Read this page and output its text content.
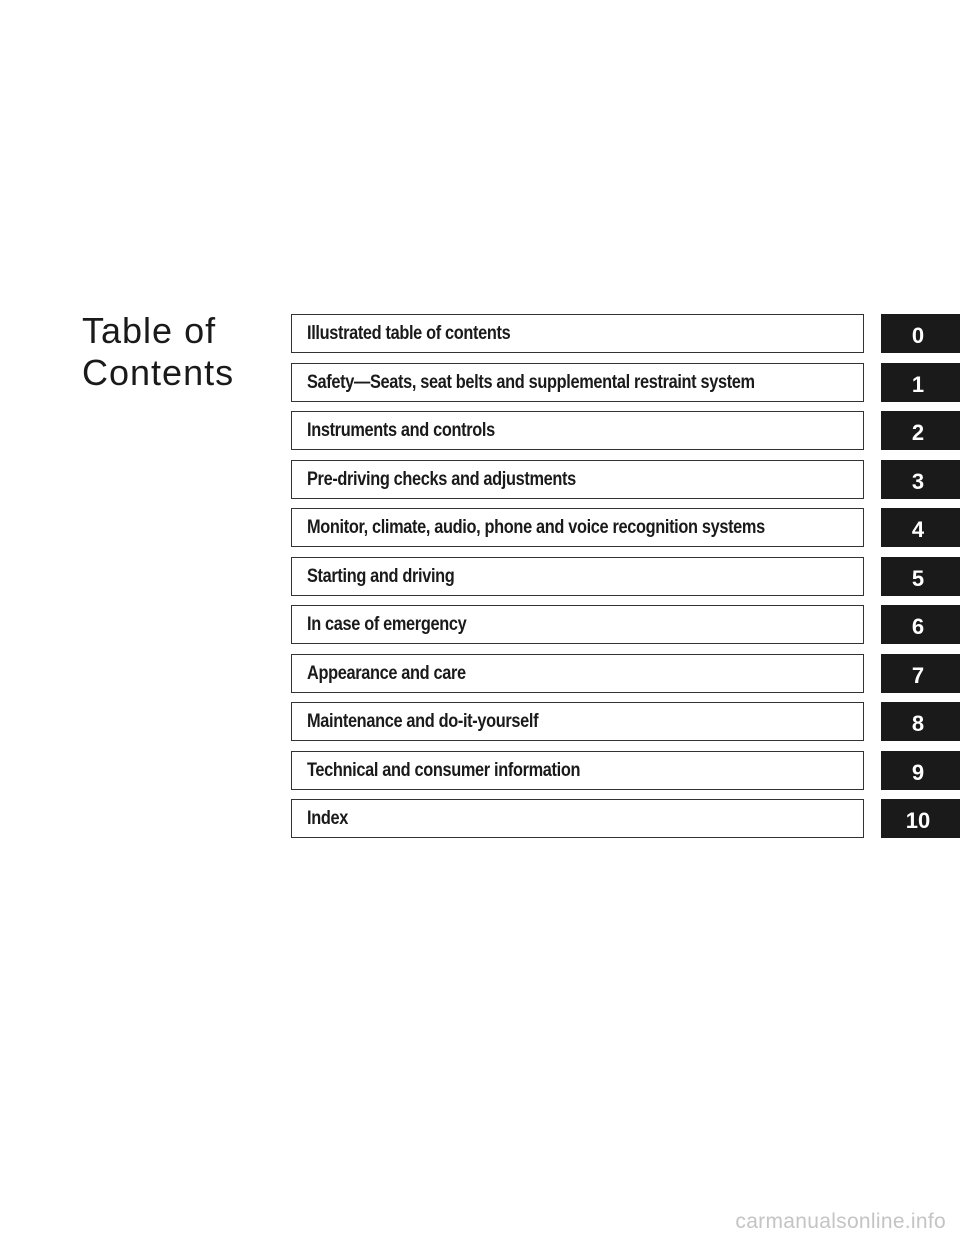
Table of
Contents
Illustrated table of contents	0
Safety—Seats, seat belts and supplemental restraint system	1
Instruments and controls	2
Pre-driving checks and adjustments	3
Monitor, climate, audio, phone and voice recognition systems	4
Starting and driving	5
In case of emergency	6
Appearance and care	7
Maintenance and do-it-yourself	8
Technical and consumer information	9
Index	10
carmanualsonline.info
